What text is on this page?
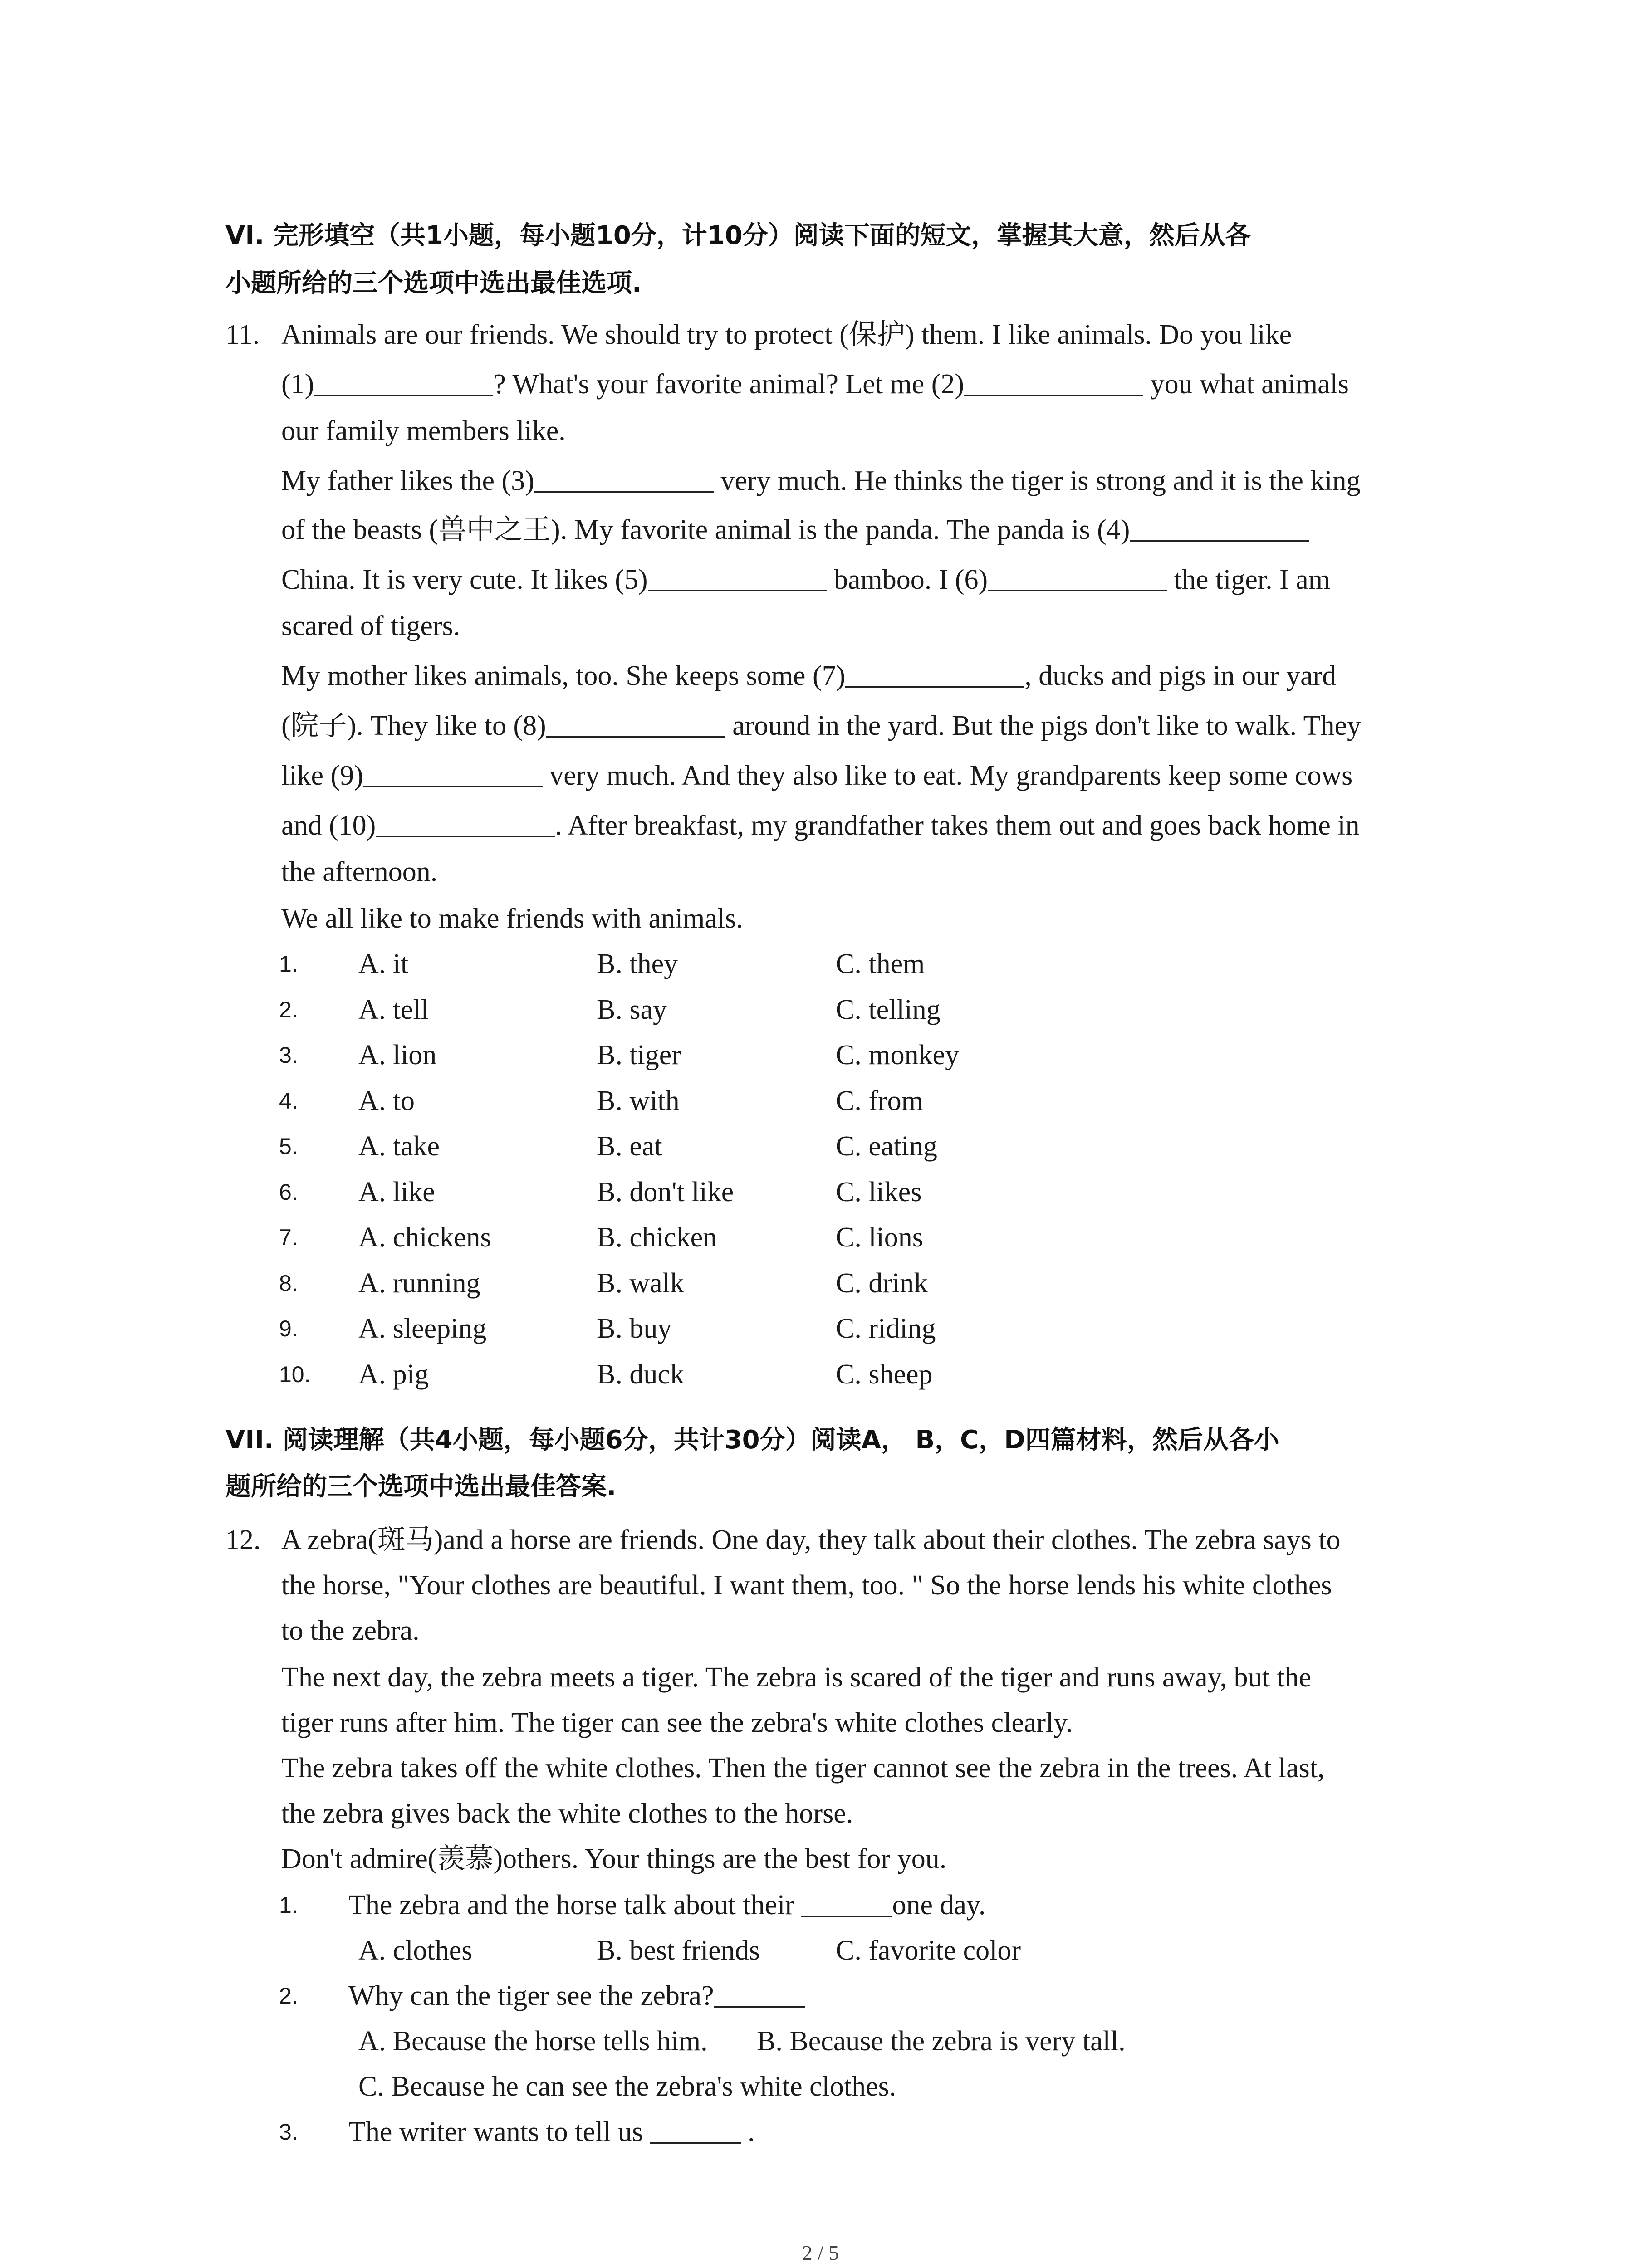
VI. 完形填空（共1小题，每小题10分，计10分）阅读下面的短文，掌握其大意，然后从各
小题所给的三个选项中选出最佳选项.
11. Animals are our friends. We should try to protect (保护) them. I like animals. Do you like
(1)	? What's your favorite animal? Let me (2)	you what animals
our family members like.
My father likes the (3)	very much. He thinks the tiger is strong and it is the king
of the beasts (兽中之王). My favorite animal is the panda. The panda is (4)
China. It is very cute. It likes (5)	bamboo. I (6)	the tiger. I am
scared of tigers.
My mother likes animals, too. She keeps some (7)	, ducks and pigs in our yard
(院子). They like to (8)	around in the yard. But the pigs don't like to walk. They
like (9)	very much. And they also like to eat. My grandparents keep some cows
and (10)	. After breakfast, my grandfather takes them out and goes back home in
the afternoon.
We all like to make friends with animals.
1. A. it	B. they	C. them
2. A. tell	B. say	C. telling
3. A. lion	B. tiger	C. monkey
4. A. to	B. with	C. from
5. A. take	B. eat	C. eating
6. A. like	B. don't like	C. likes
7. A. chickens	B. chicken	C. lions
8. A. running	B. walk	C. drink
9. A. sleeping	B. buy	C. riding
10. A. pig	B. duck	C. sheep
VII. 阅读理解（共4小题，每小题6分，共计30分）阅读A， B，C，D四篇材料，然后从各小
题所给的三个选项中选出最佳答案.
12. A zebra(斑马)and a horse are friends. One day, they talk about their clothes. The zebra says to
the horse, "Your clothes are beautiful. I want them, too. " So the horse lends his white clothes
to the zebra.
The next day, the zebra meets a tiger. The zebra is scared of the tiger and runs away, but the
tiger runs after him. The tiger can see the zebra's white clothes clearly.
The zebra takes off the white clothes. Then the tiger cannot see the zebra in the trees. At last,
the zebra gives back the white clothes to the horse.
Don't admire(羡慕)others. Your things are the best for you.
1. The zebra and the horse talk about their	one day.
A. clothes	B. best friends	C. favorite color
2. Why can the tiger see the zebra?
A. Because the horse tells him. B. Because the zebra is very tall.
C. Because he can see the zebra's white clothes.
3. The writer wants to tell us	.
2 / 5
